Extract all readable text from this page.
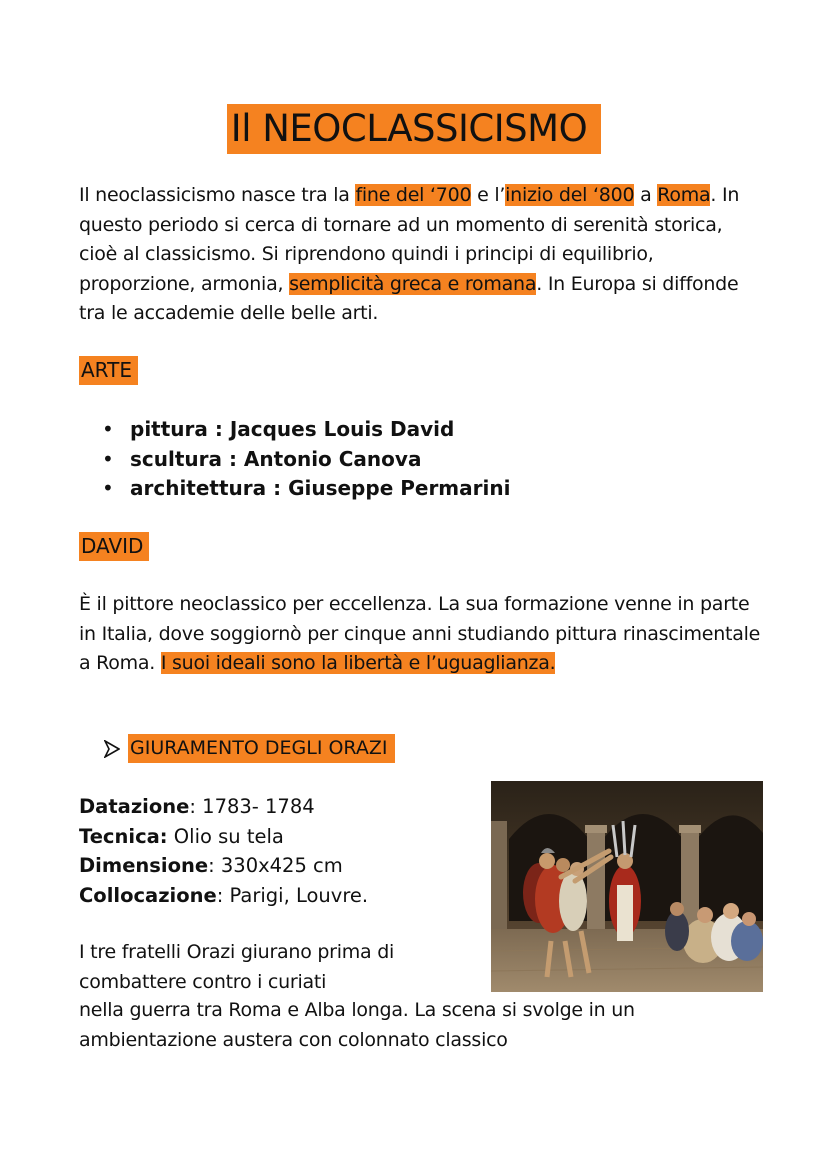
Il NEOCLASSICISMO

Il neoclassicismo nasce tra la fine del ‘700 e l’inizio del ‘800 a Roma. In questo periodo si cerca di tornare ad un momento di serenità storica, cioè al classicismo. Si riprendono quindi i principi di equilibrio, proporzione, armonia, semplicità greca e romana. In Europa si diffonde tra le accademie delle belle arti.

ARTE
• pittura : Jacques Louis David
• scultura : Antonio Canova
• architettura : Giuseppe Permarini
DAVID

È il pittore neoclassico per eccellenza. La sua formazione venne in parte in Italia, dove soggiornò per cinque anni studiando pittura rinascimentale a Roma. I suoi ideali sono la libertà e l’uguaglianza.

GIURAMENTO DEGLI ORAZI
Datazione: 1783- 1784
Tecnica: Olio su tela
Dimensione: 330x425 cm
Collocazione: Parigi, Louvre.

I tre fratelli Orazi giurano prima di combattere contro i curiati

nella guerra tra Roma e Alba longa. La scena si svolge in un ambientazione austera con colonnato classico
